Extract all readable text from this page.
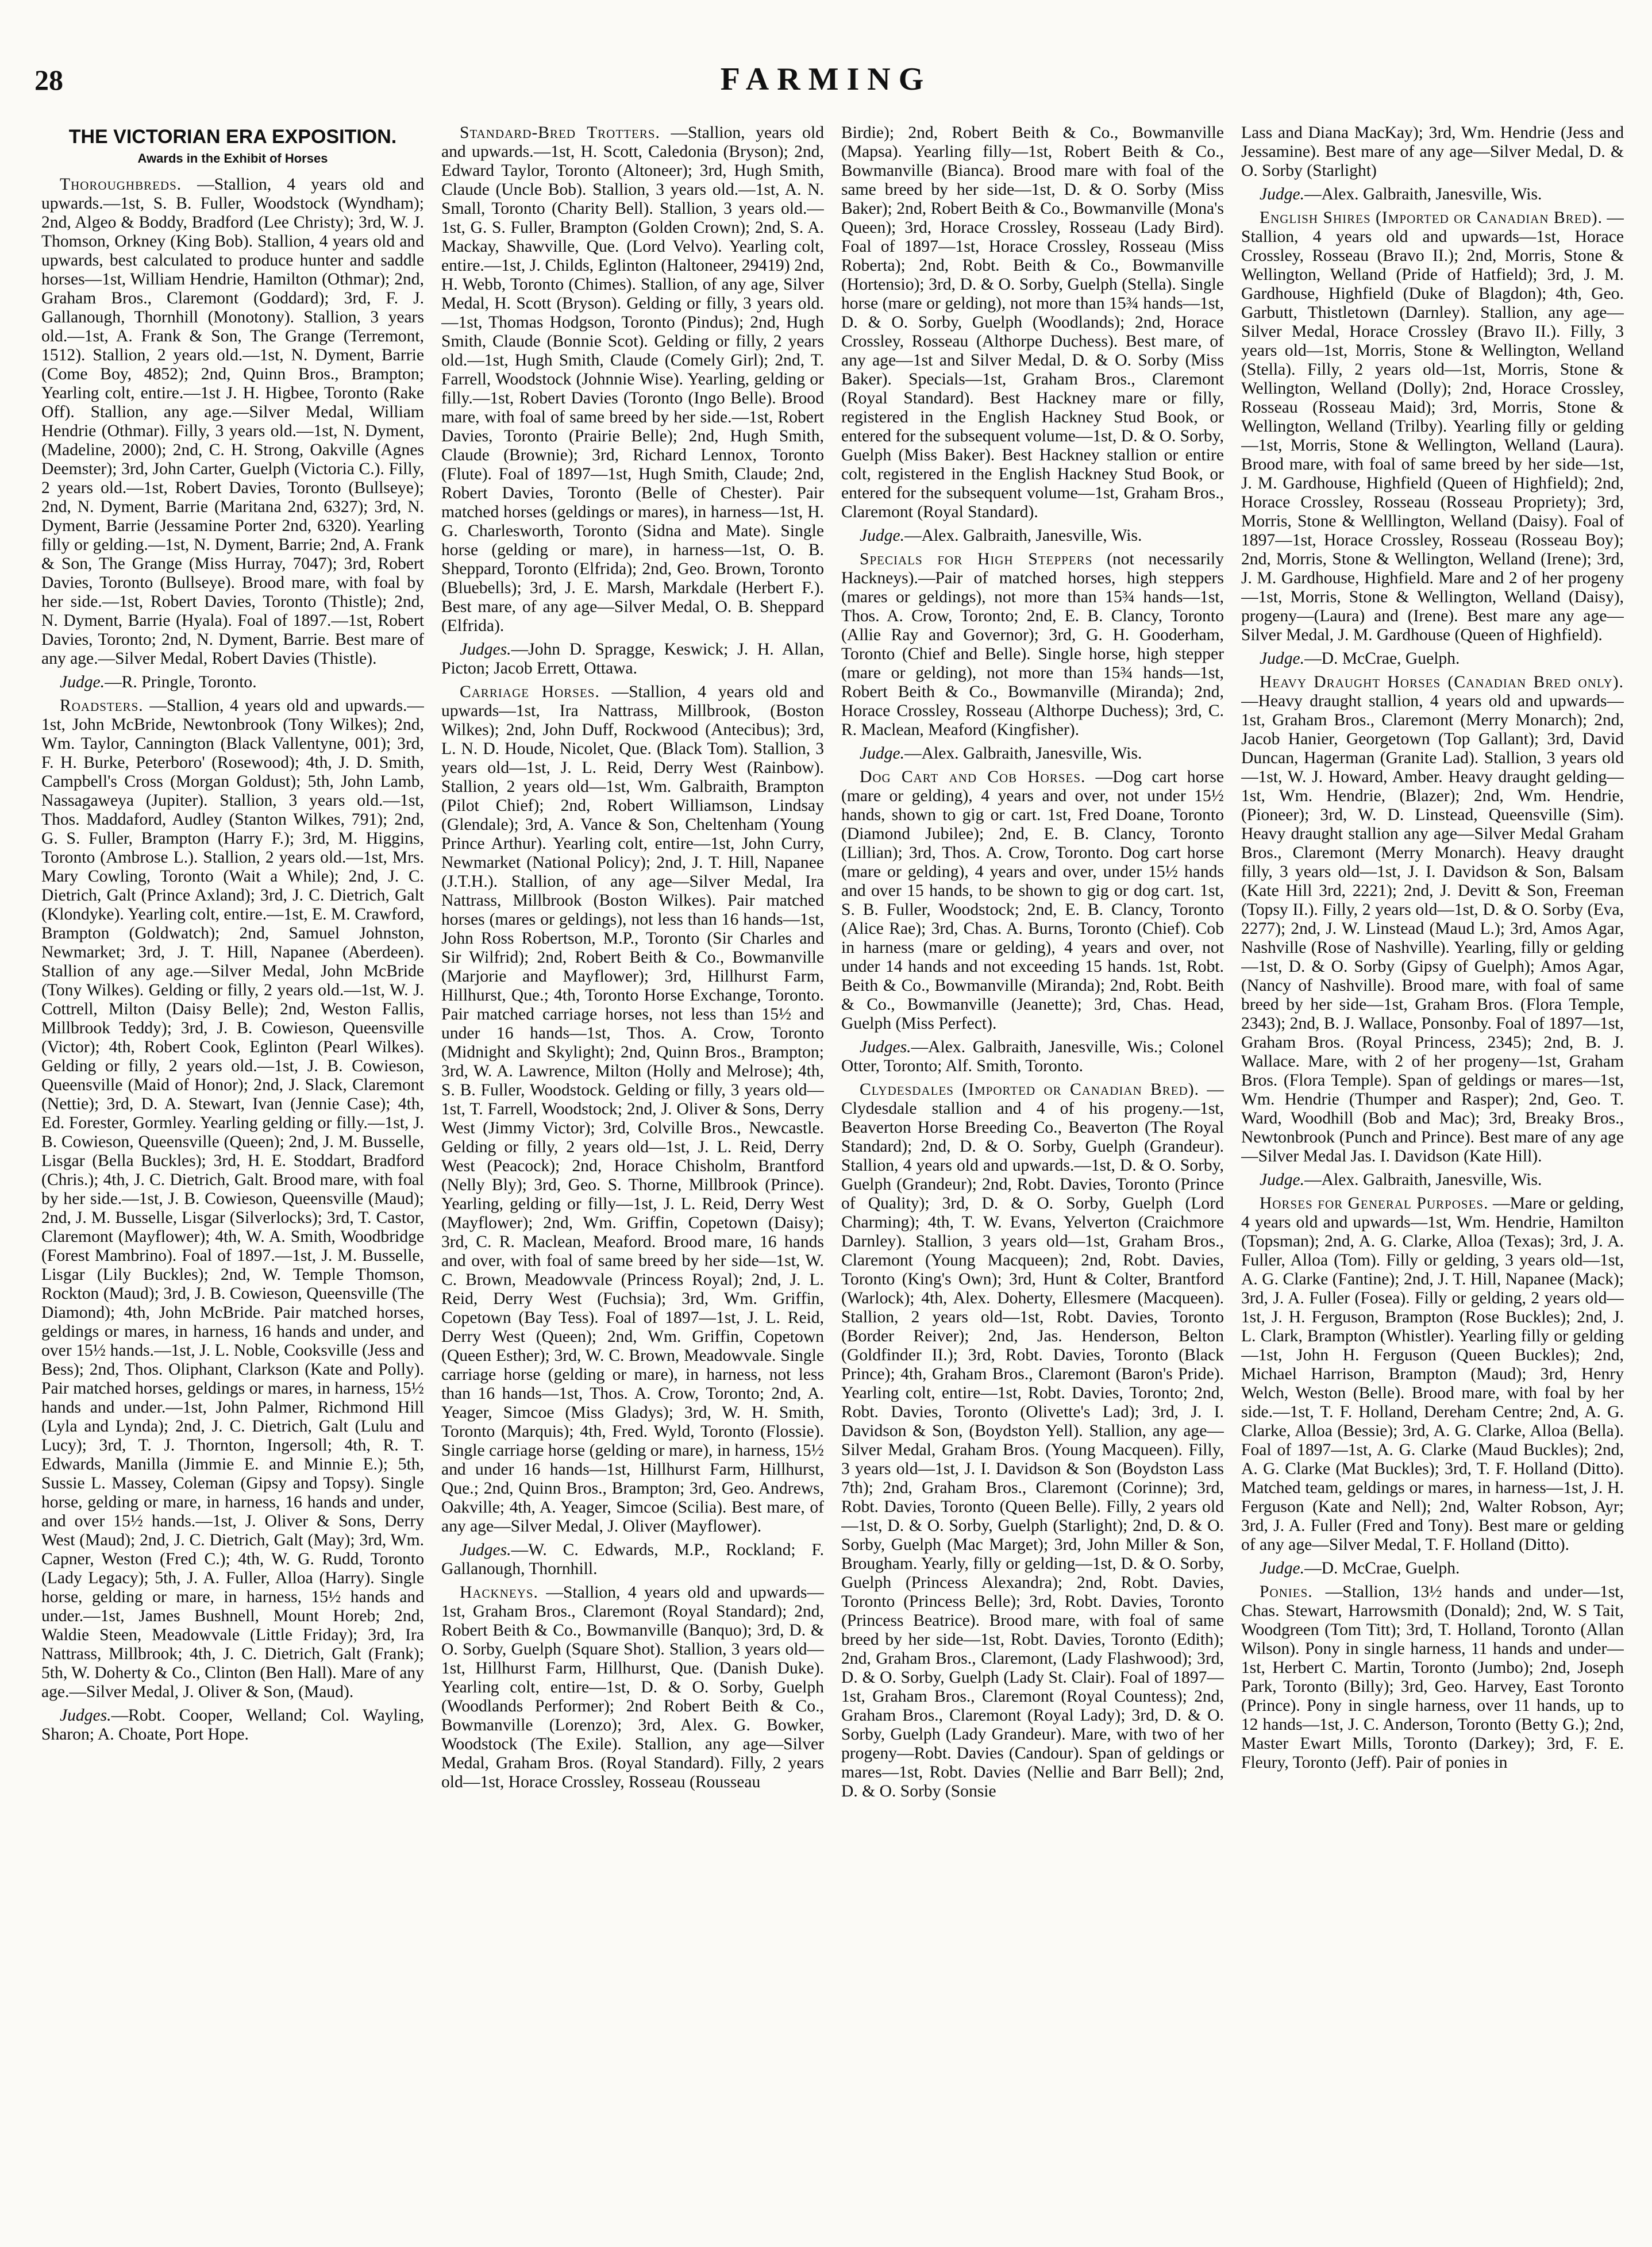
28	FARMING
THE VICTORIAN ERA EXPOSITION.
Awards in the Exhibit of Horses

Thoroughbreds. —Stallion, 4 years old and upwards.—1st, S. B. Fuller, Woodstock (Wyndham); 2nd, Algeo & Boddy, Bradford (Lee Christy); 3rd, W. J. Thomson, Orkney (King Bob). Stallion, 4 years old and upwards, best calculated to produce hunter and saddle horses—1st, William Hendrie, Hamilton (Othmar); 2nd, Graham Bros., Claremont (Goddard); 3rd, F. J. Gallanough, Thornhill (Monotony). Stallion, 3 years old.—1st, A. Frank & Son, The Grange (Terremont, 1512). Stallion, 2 years old.—1st, N. Dyment, Barrie (Come Boy, 4852); 2nd, Quinn Bros., Brampton; Yearling colt, entire.—1st J. H. Higbee, Toronto (Rake Off). Stallion, any age.—Silver Medal, William Hendrie (Othmar). Filly, 3 years old.—1st, N. Dyment, (Madeline, 2000); 2nd, C. H. Strong, Oakville (Agnes Deemster); 3rd, John Carter, Guelph (Victoria C.). Filly, 2 years old.—1st, Robert Davies, Toronto (Bullseye); 2nd, N. Dyment, Barrie (Maritana 2nd, 6327); 3rd, N. Dyment, Barrie (Jessamine Porter 2nd, 6320). Yearling filly or gelding.—1st, N. Dyment, Barrie; 2nd, A. Frank & Son, The Grange (Miss Hurray, 7047); 3rd, Robert Davies, Toronto (Bullseye). Brood mare, with foal by her side.—1st, Robert Davies, Toronto (Thistle); 2nd, N. Dyment, Barrie (Hyala). Foal of 1897.—1st, Robert Davies, Toronto; 2nd, N. Dyment, Barrie. Best mare of any age.—Silver Medal, Robert Davies (Thistle).

Judge.—R. Pringle, Toronto.

Roadsters. —Stallion, 4 years old and upwards.—1st, John McBride, Newtonbrook (Tony Wilkes); 2nd, Wm. Taylor, Cannington (Black Vallentyne, 001); 3rd, F. H. Burke, Peterboro' (Rosewood); 4th, J. D. Smith, Campbell's Cross (Morgan Goldust); 5th, John Lamb, Nassagaweya (Jupiter). Stallion, 3 years old.—1st, Thos. Maddaford, Audley (Stanton Wilkes, 791); 2nd, G. S. Fuller, Brampton (Harry F.); 3rd, M. Higgins, Toronto (Ambrose L.). Stallion, 2 years old.—1st, Mrs. Mary Cowling, Toronto (Wait a While); 2nd, J. C. Dietrich, Galt (Prince Axland); 3rd, J. C. Dietrich, Galt (Klondyke). Yearling colt, entire.—1st, E. M. Crawford, Brampton (Goldwatch); 2nd, Samuel Johnston, Newmarket; 3rd, J. T. Hill, Napanee (Aberdeen). Stallion of any age.—Silver Medal, John McBride (Tony Wilkes). Gelding or filly, 2 years old.—1st, W. J. Cottrell, Milton (Daisy Belle); 2nd, Weston Fallis, Millbrook Teddy); 3rd, J. B. Cowieson, Queensville (Victor); 4th, Robert Cook, Eglinton (Pearl Wilkes). Gelding or filly, 2 years old.—1st, J. B. Cowieson, Queensville (Maid of Honor); 2nd, J. Slack, Claremont (Nettie); 3rd, D. A. Stewart, Ivan (Jennie Case); 4th, Ed. Forester, Gormley. Yearling gelding or filly.—1st, J. B. Cowieson, Queensville (Queen); 2nd, J. M. Busselle, Lisgar (Bella Buckles); 3rd, H. E. Stoddart, Bradford (Chris.); 4th, J. C. Dietrich, Galt. Brood mare, with foal by her side.—1st, J. B. Cowieson, Queensville (Maud); 2nd, J. M. Busselle, Lisgar (Silverlocks); 3rd, T. Castor, Claremont (Mayflower); 4th, W. A. Smith, Woodbridge (Forest Mambrino). Foal of 1897.—1st, J. M. Busselle, Lisgar (Lily Buckles); 2nd, W. Temple Thomson, Rockton (Maud); 3rd, J. B. Cowieson, Queensville (The Diamond); 4th, John McBride. Pair matched horses, geldings or mares, in harness, 16 hands and under, and over 15½ hands.—1st, J. L. Noble, Cooksville (Jess and Bess); 2nd, Thos. Oliphant, Clarkson (Kate and Polly). Pair matched horses, geldings or mares, in harness, 15½ hands and under.—1st, John Palmer, Richmond Hill (Lyla and Lynda); 2nd, J. C. Dietrich, Galt (Lulu and Lucy); 3rd, T. J. Thornton, Ingersoll; 4th, R. T. Edwards, Manilla (Jimmie E. and Minnie E.); 5th, Sussie L. Massey, Coleman (Gipsy and Topsy). Single horse, gelding or mare, in harness, 16 hands and under, and over 15½ hands.—1st, J. Oliver & Sons, Derry West (Maud); 2nd, J. C. Dietrich, Galt (May); 3rd, Wm. Capner, Weston (Fred C.); 4th, W. G. Rudd, Toronto (Lady Legacy); 5th, J. A. Fuller, Alloa (Harry). Single horse, gelding or mare, in harness, 15½ hands and under.—1st, James Bushnell, Mount Horeb; 2nd, Waldie Steen, Meadowvale (Little Friday); 3rd, Ira Nattrass, Millbrook; 4th, J. C. Dietrich, Galt (Frank); 5th, W. Doherty & Co., Clinton (Ben Hall). Mare of any age.—Silver Medal, J. Oliver & Son, (Maud).

Judges.—Robt. Cooper, Welland; Col. Wayling, Sharon; A. Choate, Port Hope.

Standard-Bred Trotters. —Stallion, years old and upwards.—1st, H. Scott, Caledonia (Bryson); 2nd, Edward Taylor, Toronto (Altoneer); 3rd, Hugh Smith, Claude (Uncle Bob). Stallion, 3 years old.—1st, A. N. Small, Toronto (Charity Bell). Stallion, 3 years old.—1st, G. S. Fuller, Brampton (Golden Crown); 2nd, S. A. Mackay, Shawville, Que. (Lord Velvo). Yearling colt, entire.—1st, J. Childs, Eglinton (Haltoneer, 29419) 2nd, H. Webb, Toronto (Chimes). Stallion, of any age, Silver Medal, H. Scott (Bryson). Gelding or filly, 3 years old.—1st, Thomas Hodgson, Toronto (Pindus); 2nd, Hugh Smith, Claude (Bonnie Scot). Gelding or filly, 2 years old.—1st, Hugh Smith, Claude (Comely Girl); 2nd, T. Farrell, Woodstock (Johnnie Wise). Yearling, gelding or filly.—1st, Robert Davies (Toronto (Ingo Belle). Brood mare, with foal of same breed by her side.—1st, Robert Davies, Toronto (Prairie Belle); 2nd, Hugh Smith, Claude (Brownie); 3rd, Richard Lennox, Toronto (Flute). Foal of 1897—1st, Hugh Smith, Claude; 2nd, Robert Davies, Toronto (Belle of Chester). Pair matched horses (geldings or mares), in harness—1st, H. G. Charlesworth, Toronto (Sidna and Mate). Single horse (gelding or mare), in harness—1st, O. B. Sheppard, Toronto (Elfrida); 2nd, Geo. Brown, Toronto (Bluebells); 3rd, J. E. Marsh, Markdale (Herbert F.). Best mare, of any age—Silver Medal, O. B. Sheppard (Elfrida).

Judges.—John D. Spragge, Keswick; J. H. Allan, Picton; Jacob Errett, Ottawa.

Carriage Horses. —Stallion, 4 years old and upwards—1st, Ira Nattrass, Millbrook, (Boston Wilkes); 2nd, John Duff, Rockwood (Antecibus); 3rd, L. N. D. Houde, Nicolet, Que. (Black Tom). Stallion, 3 years old—1st, J. L. Reid, Derry West (Rainbow). Stallion, 2 years old—1st, Wm. Galbraith, Brampton (Pilot Chief); 2nd, Robert Williamson, Lindsay (Glendale); 3rd, A. Vance & Son, Cheltenham (Young Prince Arthur). Yearling colt, entire—1st, John Curry, Newmarket (National Policy); 2nd, J. T. Hill, Napanee (J.T.H.). Stallion, of any age—Silver Medal, Ira Nattrass, Millbrook (Boston Wilkes). Pair matched horses (mares or geldings), not less than 16 hands—1st, John Ross Robertson, M.P., Toronto (Sir Charles and Sir Wilfrid); 2nd, Robert Beith & Co., Bowmanville (Marjorie and Mayflower); 3rd, Hillhurst Farm, Hillhurst, Que.; 4th, Toronto Horse Exchange, Toronto. Pair matched carriage horses, not less than 15½ and under 16 hands—1st, Thos. A. Crow, Toronto (Midnight and Skylight); 2nd, Quinn Bros., Brampton; 3rd, W. A. Lawrence, Milton (Holly and Melrose); 4th, S. B. Fuller, Woodstock. Gelding or filly, 3 years old—1st, T. Farrell, Woodstock; 2nd, J. Oliver & Sons, Derry West (Jimmy Victor); 3rd, Colville Bros., Newcastle. Gelding or filly, 2 years old—1st, J. L. Reid, Derry West (Peacock); 2nd, Horace Chisholm, Brantford (Nelly Bly); 3rd, Geo. S. Thorne, Millbrook (Prince). Yearling, gelding or filly—1st, J. L. Reid, Derry West (Mayflower); 2nd, Wm. Griffin, Copetown (Daisy); 3rd, C. R. Maclean, Meaford. Brood mare, 16 hands and over, with foal of same breed by her side—1st, W. C. Brown, Meadowvale (Princess Royal); 2nd, J. L. Reid, Derry West (Fuchsia); 3rd, Wm. Griffin, Copetown (Bay Tess). Foal of 1897—1st, J. L. Reid, Derry West (Queen); 2nd, Wm. Griffin, Copetown (Queen Esther); 3rd, W. C. Brown, Meadowvale. Single carriage horse (gelding or mare), in harness, not less than 16 hands—1st, Thos. A. Crow, Toronto; 2nd, A. Yeager, Simcoe (Miss Gladys); 3rd, W. H. Smith, Toronto (Marquis); 4th, Fred. Wyld, Toronto (Flossie). Single carriage horse (gelding or mare), in harness, 15½ and under 16 hands—1st, Hillhurst Farm, Hillhurst, Que.; 2nd, Quinn Bros., Brampton; 3rd, Geo. Andrews, Oakville; 4th, A. Yeager, Simcoe (Scilia). Best mare, of any age—Silver Medal, J. Oliver (Mayflower).

Judges.—W. C. Edwards, M.P., Rockland; F. Gallanough, Thornhill.

Hackneys. —Stallion, 4 years old and upwards—1st, Graham Bros., Claremont (Royal Standard); 2nd, Robert Beith & Co., Bowmanville (Banquo); 3rd, D. & O. Sorby, Guelph (Square Shot). Stallion, 3 years old—1st, Hillhurst Farm, Hillhurst, Que. (Danish Duke). Yearling colt, entire—1st, D. & O. Sorby, Guelph (Woodlands Performer); 2nd Robert Beith & Co., Bowmanville (Lorenzo); 3rd, Alex. G. Bowker, Woodstock (The Exile). Stallion, any age—Silver Medal, Graham Bros. (Royal Standard). Filly, 2 years old—1st, Horace Crossley, Rosseau (Rousseau

Birdie); 2nd, Robert Beith & Co., Bowmanville (Mapsa). Yearling filly—1st, Robert Beith & Co., Bowmanville (Bianca). Brood mare with foal of the same breed by her side—1st, D. & O. Sorby (Miss Baker); 2nd, Robert Beith & Co., Bowmanville (Mona's Queen); 3rd, Horace Crossley, Rosseau (Lady Bird). Foal of 1897—1st, Horace Crossley, Rosseau (Miss Roberta); 2nd, Robt. Beith & Co., Bowmanville (Hortensio); 3rd, D. & O. Sorby, Guelph (Stella). Single horse (mare or gelding), not more than 15¾ hands—1st, D. & O. Sorby, Guelph (Woodlands); 2nd, Horace Crossley, Rosseau (Althorpe Duchess). Best mare, of any age—1st and Silver Medal, D. & O. Sorby (Miss Baker). Specials—1st, Graham Bros., Claremont (Royal Standard). Best Hackney mare or filly, registered in the English Hackney Stud Book, or entered for the subsequent volume—1st, D. & O. Sorby, Guelph (Miss Baker). Best Hackney stallion or entire colt, registered in the English Hackney Stud Book, or entered for the subsequent volume—1st, Graham Bros., Claremont (Royal Standard).

Judge.—Alex. Galbraith, Janesville, Wis.

Specials for High Steppers (not necessarily Hackneys).—Pair of matched horses, high steppers (mares or geldings), not more than 15¾ hands—1st, Thos. A. Crow, Toronto; 2nd, E. B. Clancy, Toronto (Allie Ray and Governor); 3rd, G. H. Gooderham, Toronto (Chief and Belle). Single horse, high stepper (mare or gelding), not more than 15¾ hands—1st, Robert Beith & Co., Bowmanville (Miranda); 2nd, Horace Crossley, Rosseau (Althorpe Duchess); 3rd, C. R. Maclean, Meaford (Kingfisher).

Judge.—Alex. Galbraith, Janesville, Wis.

Dog Cart and Cob Horses. —Dog cart horse (mare or gelding), 4 years and over, not under 15½ hands, shown to gig or cart. 1st, Fred Doane, Toronto (Diamond Jubilee); 2nd, E. B. Clancy, Toronto (Lillian); 3rd, Thos. A. Crow, Toronto. Dog cart horse (mare or gelding), 4 years and over, under 15½ hands and over 15 hands, to be shown to gig or dog cart. 1st, S. B. Fuller, Woodstock; 2nd, E. B. Clancy, Toronto (Alice Rae); 3rd, Chas. A. Burns, Toronto (Chief). Cob in harness (mare or gelding), 4 years and over, not under 14 hands and not exceeding 15 hands. 1st, Robt. Beith & Co., Bowmanville (Miranda); 2nd, Robt. Beith & Co., Bowmanville (Jeanette); 3rd, Chas. Head, Guelph (Miss Perfect).

Judges.—Alex. Galbraith, Janesville, Wis.; Colonel Otter, Toronto; Alf. Smith, Toronto.

Clydesdales (Imported or Canadian Bred). —Clydesdale stallion and 4 of his progeny.—1st, Beaverton Horse Breeding Co., Beaverton (The Royal Standard); 2nd, D. & O. Sorby, Guelph (Grandeur). Stallion, 4 years old and upwards.—1st, D. & O. Sorby, Guelph (Grandeur); 2nd, Robt. Davies, Toronto (Prince of Quality); 3rd, D. & O. Sorby, Guelph (Lord Charming); 4th, T. W. Evans, Yelverton (Craichmore Darnley). Stallion, 3 years old—1st, Graham Bros., Claremont (Young Macqueen); 2nd, Robt. Davies, Toronto (King's Own); 3rd, Hunt & Colter, Brantford (Warlock); 4th, Alex. Doherty, Ellesmere (Macqueen). Stallion, 2 years old—1st, Robt. Davies, Toronto (Border Reiver); 2nd, Jas. Henderson, Belton (Goldfinder II.); 3rd, Robt. Davies, Toronto (Black Prince); 4th, Graham Bros., Claremont (Baron's Pride). Yearling colt, entire—1st, Robt. Davies, Toronto; 2nd, Robt. Davies, Toronto (Olivette's Lad); 3rd, J. I. Davidson & Son, (Boydston Yell). Stallion, any age—Silver Medal, Graham Bros. (Young Macqueen). Filly, 3 years old—1st, J. I. Davidson & Son (Boydston Lass 7th); 2nd, Graham Bros., Claremont (Corinne); 3rd, Robt. Davies, Toronto (Queen Belle). Filly, 2 years old—1st, D. & O. Sorby, Guelph (Starlight); 2nd, D. & O. Sorby, Guelph (Mac Marget); 3rd, John Miller & Son, Brougham. Yearly, filly or gelding—1st, D. & O. Sorby, Guelph (Princess Alexandra); 2nd, Robt. Davies, Toronto (Princess Belle); 3rd, Robt. Davies, Toronto (Princess Beatrice). Brood mare, with foal of same breed by her side—1st, Robt. Davies, Toronto (Edith); 2nd, Graham Bros., Claremont, (Lady Flashwood); 3rd, D. & O. Sorby, Guelph (Lady St. Clair). Foal of 1897—1st, Graham Bros., Claremont (Royal Countess); 2nd, Graham Bros., Claremont (Royal Lady); 3rd, D. & O. Sorby, Guelph (Lady Grandeur). Mare, with two of her progeny—Robt. Davies (Candour). Span of geldings or mares—1st, Robt. Davies (Nellie and Barr Bell); 2nd, D. & O. Sorby (Sonsie

Lass and Diana MacKay); 3rd, Wm. Hendrie (Jess and Jessamine). Best mare of any age—Silver Medal, D. & O. Sorby (Starlight)

Judge.—Alex. Galbraith, Janesville, Wis.

English Shires (Imported or Canadian Bred). —Stallion, 4 years old and upwards—1st, Horace Crossley, Rosseau (Bravo II.); 2nd, Morris, Stone & Wellington, Welland (Pride of Hatfield); 3rd, J. M. Gardhouse, Highfield (Duke of Blagdon); 4th, Geo. Garbutt, Thistletown (Darnley). Stallion, any age—Silver Medal, Horace Crossley (Bravo II.). Filly, 3 years old—1st, Morris, Stone & Wellington, Welland (Stella). Filly, 2 years old—1st, Morris, Stone & Wellington, Welland (Dolly); 2nd, Horace Crossley, Rosseau (Rosseau Maid); 3rd, Morris, Stone & Wellington, Welland (Trilby). Yearling filly or gelding—1st, Morris, Stone & Wellington, Welland (Laura). Brood mare, with foal of same breed by her side—1st, J. M. Gardhouse, Highfield (Queen of Highfield); 2nd, Horace Crossley, Rosseau (Rosseau Propriety); 3rd, Morris, Stone & Welllington, Welland (Daisy). Foal of 1897—1st, Horace Crossley, Rosseau (Rosseau Boy); 2nd, Morris, Stone & Wellington, Welland (Irene); 3rd, J. M. Gardhouse, Highfield. Mare and 2 of her progeny—1st, Morris, Stone & Wellington, Welland (Daisy), progeny—(Laura) and (Irene). Best mare any age—Silver Medal, J. M. Gardhouse (Queen of Highfield).

Judge.—D. McCrae, Guelph.

Heavy Draught Horses (Canadian Bred only). —Heavy draught stallion, 4 years old and upwards—1st, Graham Bros., Claremont (Merry Monarch); 2nd, Jacob Hanier, Georgetown (Top Gallant); 3rd, David Duncan, Hagerman (Granite Lad). Stallion, 3 years old—1st, W. J. Howard, Amber. Heavy draught gelding—1st, Wm. Hendrie, (Blazer); 2nd, Wm. Hendrie, (Pioneer); 3rd, W. D. Linstead, Queensville (Sim). Heavy draught stallion any age—Silver Medal Graham Bros., Claremont (Merry Monarch). Heavy draught filly, 3 years old—1st, J. I. Davidson & Son, Balsam (Kate Hill 3rd, 2221); 2nd, J. Devitt & Son, Freeman (Topsy II.). Filly, 2 years old—1st, D. & O. Sorby (Eva, 2277); 2nd, J. W. Linstead (Maud L.); 3rd, Amos Agar, Nashville (Rose of Nashville). Yearling, filly or gelding—1st, D. & O. Sorby (Gipsy of Guelph); Amos Agar, (Nancy of Nashville). Brood mare, with foal of same breed by her side—1st, Graham Bros. (Flora Temple, 2343); 2nd, B. J. Wallace, Ponsonby. Foal of 1897—1st, Graham Bros. (Royal Princess, 2345); 2nd, B. J. Wallace. Mare, with 2 of her progeny—1st, Graham Bros. (Flora Temple). Span of geldings or mares—1st, Wm. Hendrie (Thumper and Rasper); 2nd, Geo. T. Ward, Woodhill (Bob and Mac); 3rd, Breaky Bros., Newtonbrook (Punch and Prince). Best mare of any age—Silver Medal Jas. I. Davidson (Kate Hill).

Judge.—Alex. Galbraith, Janesville, Wis.

Horses for General Purposes. —Mare or gelding, 4 years old and upwards—1st, Wm. Hendrie, Hamilton (Topsman); 2nd, A. G. Clarke, Alloa (Texas); 3rd, J. A. Fuller, Alloa (Tom). Filly or gelding, 3 years old—1st, A. G. Clarke (Fantine); 2nd, J. T. Hill, Napanee (Mack); 3rd, J. A. Fuller (Fosea). Filly or gelding, 2 years old—1st, J. H. Ferguson, Brampton (Rose Buckles); 2nd, J. L. Clark, Brampton (Whistler). Yearling filly or gelding—1st, John H. Ferguson (Queen Buckles); 2nd, Michael Harrison, Brampton (Maud); 3rd, Henry Welch, Weston (Belle). Brood mare, with foal by her side.—1st, T. F. Holland, Dereham Centre; 2nd, A. G. Clarke, Alloa (Bessie); 3rd, A. G. Clarke, Alloa (Bella). Foal of 1897—1st, A. G. Clarke (Maud Buckles); 2nd, A. G. Clarke (Mat Buckles); 3rd, T. F. Holland (Ditto). Matched team, geldings or mares, in harness—1st, J. H. Ferguson (Kate and Nell); 2nd, Walter Robson, Ayr; 3rd, J. A. Fuller (Fred and Tony). Best mare or gelding of any age—Silver Medal, T. F. Holland (Ditto).

Judge.—D. McCrae, Guelph.

Ponies. —Stallion, 13½ hands and under—1st, Chas. Stewart, Harrowsmith (Donald); 2nd, W. S Tait, Woodgreen (Tom Titt); 3rd, T. Holland, Toronto (Allan Wilson). Pony in single harness, 11 hands and under—1st, Herbert C. Martin, Toronto (Jumbo); 2nd, Joseph Park, Toronto (Billy); 3rd, Geo. Harvey, East Toronto (Prince). Pony in single harness, over 11 hands, up to 12 hands—1st, J. C. Anderson, Toronto (Betty G.); 2nd, Master Ewart Mills, Toronto (Darkey); 3rd, F. E. Fleury, Toronto (Jeff). Pair of ponies in
